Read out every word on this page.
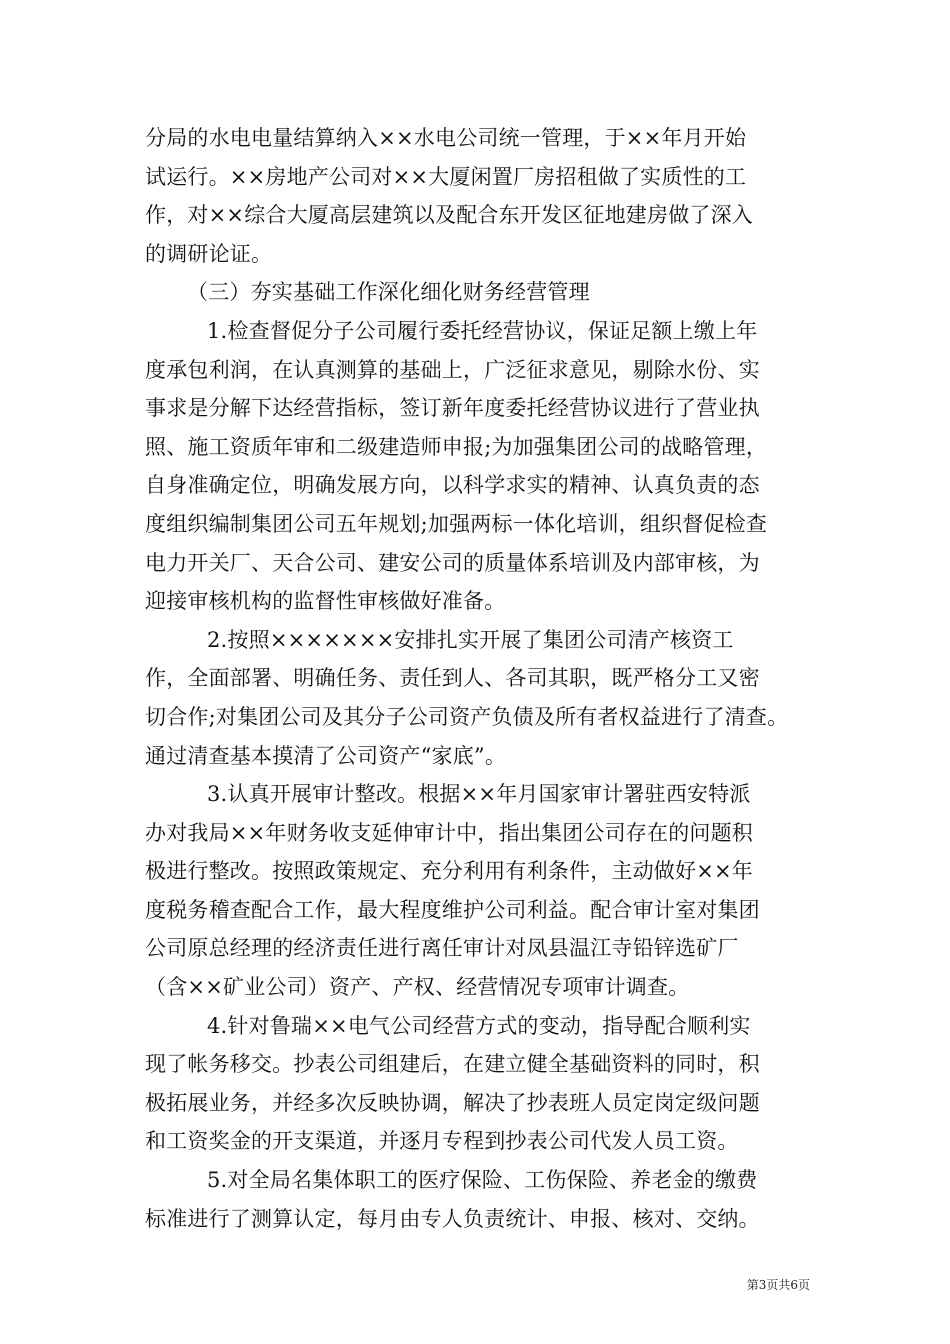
分局的水电电量结算纳入××水电公司统一管理，于××年月开始
试运行。××房地产公司对××大厦闲置厂房招租做了实质性的工
作，对××综合大厦高层建筑以及配合东开发区征地建房做了深入
的调研论证。
（三）夯实基础工作深化细化财务经营管理
1.检查督促分子公司履行委托经营协议，保证足额上缴上年
度承包利润，在认真测算的基础上，广泛征求意见，剔除水份、实
事求是分解下达经营指标，签订新年度委托经营协议进行了营业执
照、施工资质年审和二级建造师申报;为加强集团公司的战略管理，
自身准确定位，明确发展方向，以科学求实的精神、认真负责的态
度组织编制集团公司五年规划;加强两标一体化培训，组织督促检查
电力开关厂、天合公司、建安公司的质量体系培训及内部审核，为
迎接审核机构的监督性审核做好准备。
2.按照×××××××安排扎实开展了集团公司清产核资工
作，全面部署、明确任务、责任到人、各司其职，既严格分工又密
切合作;对集团公司及其分子公司资产负债及所有者权益进行了清查。
通过清查基本摸清了公司资产“家底”。
3.认真开展审计整改。根据××年月国家审计署驻西安特派
办对我局××年财务收支延伸审计中，指出集团公司存在的问题积
极进行整改。按照政策规定、充分利用有利条件，主动做好××年
度税务稽查配合工作，最大程度维护公司利益。配合审计室对集团
公司原总经理的经济责任进行离任审计对凤县温江寺铅锌选矿厂
（含××矿业公司）资产、产权、经营情况专项审计调查。
4.针对鲁瑞××电气公司经营方式的变动，指导配合顺利实
现了帐务移交。抄表公司组建后，在建立健全基础资料的同时，积
极拓展业务，并经多次反映协调，解决了抄表班人员定岗定级问题
和工资奖金的开支渠道，并逐月专程到抄表公司代发人员工资。
5.对全局名集体职工的医疗保险、工伤保险、养老金的缴费
标准进行了测算认定，每月由专人负责统计、申报、核对、交纳。
第3页共6页
